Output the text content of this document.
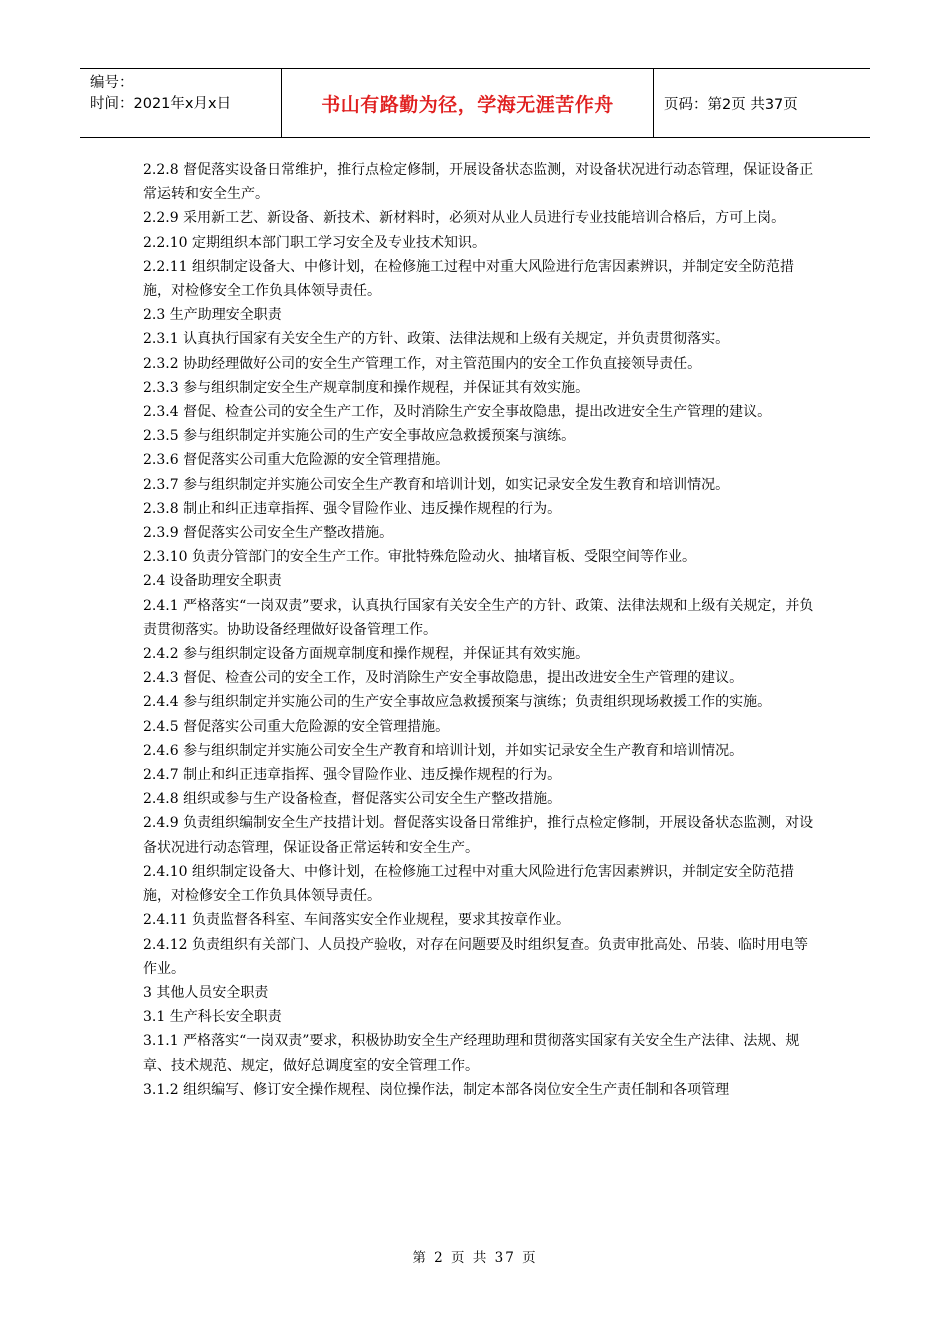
编号：
时间：2021年x月x日	书山有路勤为径，学海无涯苦作舟	页码：第2页 共37页

2.2.8 督促落实设备日常维护，推行点检定修制，开展设备状态监测，对设备状况进行动态管理，保证设备正常运转和安全生产。

2.2.9 采用新工艺、新设备、新技术、新材料时，必须对从业人员进行专业技能培训合格后，方可上岗。

2.2.10 定期组织本部门职工学习安全及专业技术知识。

2.2.11 组织制定设备大、中修计划，在检修施工过程中对重大风险进行危害因素辨识，并制定安全防范措施，对检修安全工作负具体领导责任。

2.3 生产助理安全职责

2.3.1 认真执行国家有关安全生产的方针、政策、法律法规和上级有关规定，并负责贯彻落实。

2.3.2 协助经理做好公司的安全生产管理工作，对主管范围内的安全工作负直接领导责任。

2.3.3 参与组织制定安全生产规章制度和操作规程，并保证其有效实施。

2.3.4 督促、检查公司的安全生产工作，及时消除生产安全事故隐患，提出改进安全生产管理的建议。

2.3.5 参与组织制定并实施公司的生产安全事故应急救援预案与演练。

2.3.6 督促落实公司重大危险源的安全管理措施。

2.3.7 参与组织制定并实施公司安全生产教育和培训计划，如实记录安全发生教育和培训情况。

2.3.8 制止和纠正违章指挥、强令冒险作业、违反操作规程的行为。

2.3.9 督促落实公司安全生产整改措施。

2.3.10 负责分管部门的安全生产工作。审批特殊危险动火、抽堵盲板、受限空间等作业。

2.4 设备助理安全职责

2.4.1 严格落实“一岗双责”要求，认真执行国家有关安全生产的方针、政策、法律法规和上级有关规定，并负责贯彻落实。协助设备经理做好设备管理工作。

2.4.2 参与组织制定设备方面规章制度和操作规程，并保证其有效实施。

2.4.3 督促、检查公司的安全工作，及时消除生产安全事故隐患，提出改进安全生产管理的建议。

2.4.4 参与组织制定并实施公司的生产安全事故应急救援预案与演练；负责组织现场救援工作的实施。

2.4.5 督促落实公司重大危险源的安全管理措施。

2.4.6 参与组织制定并实施公司安全生产教育和培训计划，并如实记录安全生产教育和培训情况。

2.4.7 制止和纠正违章指挥、强令冒险作业、违反操作规程的行为。

2.4.8 组织或参与生产设备检查，督促落实公司安全生产整改措施。

2.4.9 负责组织编制安全生产技措计划。督促落实设备日常维护，推行点检定修制，开展设备状态监测，对设备状况进行动态管理，保证设备正常运转和安全生产。

2.4.10 组织制定设备大、中修计划，在检修施工过程中对重大风险进行危害因素辨识，并制定安全防范措施，对检修安全工作负具体领导责任。

2.4.11 负责监督各科室、车间落实安全作业规程，要求其按章作业。

2.4.12 负责组织有关部门、人员投产验收，对存在问题要及时组织复查。负责审批高处、吊装、临时用电等作业。

3 其他人员安全职责

3.1 生产科长安全职责

3.1.1 严格落实“一岗双责”要求，积极协助安全生产经理助理和贯彻落实国家有关安全生产法律、法规、规章、技术规范、规定，做好总调度室的安全管理工作。

3.1.2 组织编写、修订安全操作规程、岗位操作法，制定本部各岗位安全生产责任制和各项管理

第 2 页 共 37 页
